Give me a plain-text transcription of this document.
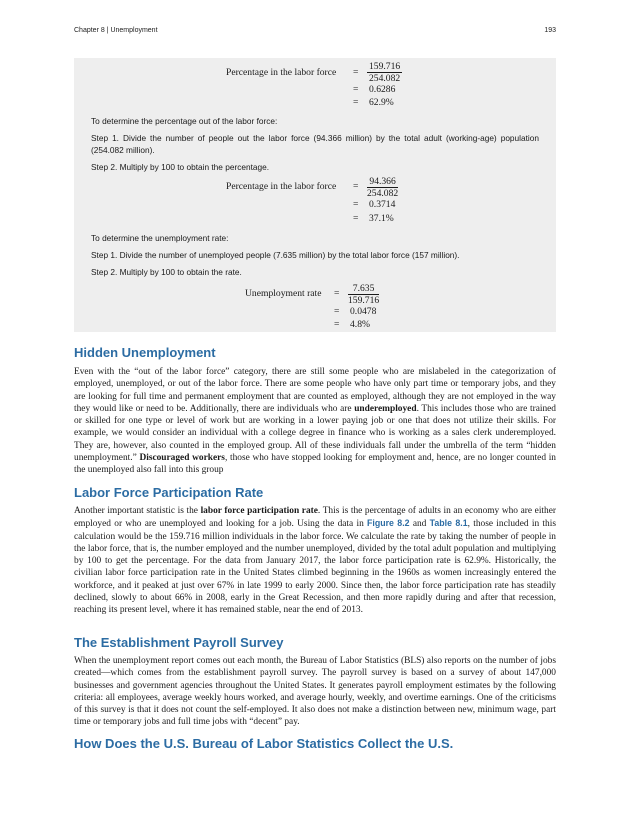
Chapter 8 | Unemployment	193
Percentage in the labor force = $\frac{159.716}{254.082}$
= 0.6286
= 62.9%
To determine the percentage out of the labor force:
Step 1. Divide the number of people out the labor force (94.366 million) by the total adult (working-age) population (254.082 million).
Step 2. Multiply by 100 to obtain the percentage.
Percentage in the labor force = $\frac{94.366}{254.082}$
= 0.3714
= 37.1%
To determine the unemployment rate:
Step 1. Divide the number of unemployed people (7.635 million) by the total labor force (157 million).
Step 2. Multiply by 100 to obtain the rate.
Unemployment rate = $\frac{7.635}{159.716}$
= 0.0478
= 4.8%
Hidden Unemployment

Even with the “out of the labor force” category, there are still some people who are mislabeled in the categorization of employed, unemployed, or out of the labor force. There are some people who have only part time or temporary jobs, and they are looking for full time and permanent employment that are counted as employed, although they are not employed in the way they would like or need to be. Additionally, there are individuals who are underemployed. This includes those who are trained or skilled for one type or level of work but are working in a lower paying job or one that does not utilize their skills. For example, we would consider an individual with a college degree in finance who is working as a sales clerk underemployed. They are, however, also counted in the employed group. All of these individuals fall under the umbrella of the term “hidden unemployment.” Discouraged workers, those who have stopped looking for employment and, hence, are no longer counted in the unemployed also fall into this group

Labor Force Participation Rate

Another important statistic is the labor force participation rate. This is the percentage of adults in an economy who are either employed or who are unemployed and looking for a job. Using the data in Figure 8.2 and Table 8.1, those included in this calculation would be the 159.716 million individuals in the labor force. We calculate the rate by taking the number of people in the labor force, that is, the number employed and the number unemployed, divided by the total adult population and multiplying by 100 to get the percentage. For the data from January 2017, the labor force participation rate is 62.9%. Historically, the civilian labor force participation rate in the United States climbed beginning in the 1960s as women increasingly entered the workforce, and it peaked at just over 67% in late 1999 to early 2000. Since then, the labor force participation rate has steadily declined, slowly to about 66% in 2008, early in the Great Recession, and then more rapidly during and after that recession, reaching its present level, where it has remained stable, near the end of 2013.

The Establishment Payroll Survey

When the unemployment report comes out each month, the Bureau of Labor Statistics (BLS) also reports on the number of jobs created—which comes from the establishment payroll survey. The payroll survey is based on a survey of about 147,000 businesses and government agencies throughout the United States. It generates payroll employment estimates by the following criteria: all employees, average weekly hours worked, and average hourly, weekly, and overtime earnings. One of the criticisms of this survey is that it does not count the self-employed. It also does not make a distinction between new, minimum wage, part time or temporary jobs and full time jobs with “decent” pay.

How Does the U.S. Bureau of Labor Statistics Collect the U.S.
